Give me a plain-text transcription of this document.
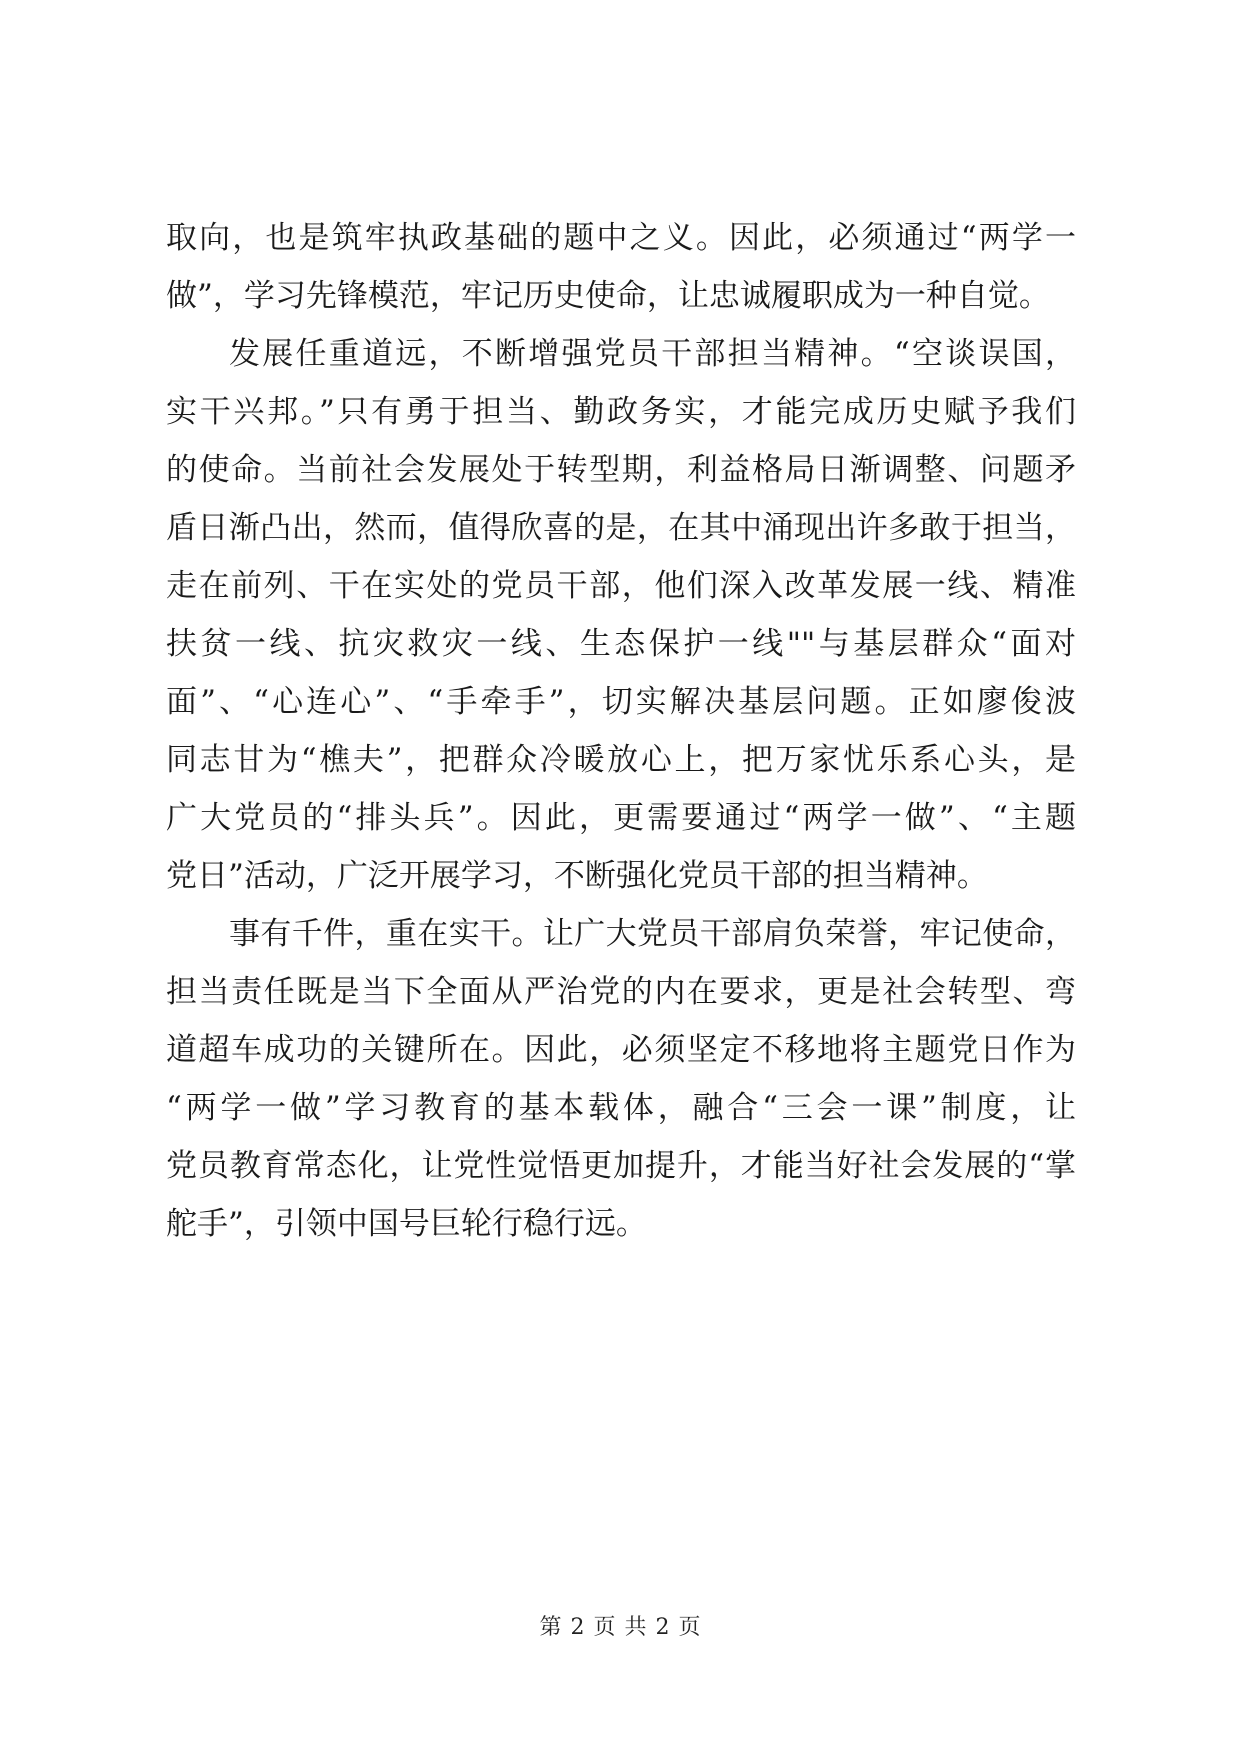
取向，也是筑牢执政基础的题中之义。因此，必须通过“两学一
做”，学习先锋模范，牢记历史使命，让忠诚履职成为一种自觉。
发展任重道远，不断增强党员干部担当精神。“空谈误国，
实干兴邦。”只有勇于担当、勤政务实，才能完成历史赋予我们
的使命。当前社会发展处于转型期，利益格局日渐调整、问题矛
盾日渐凸出，然而，值得欣喜的是，在其中涌现出许多敢于担当，
走在前列、干在实处的党员干部，他们深入改革发展一线、精准
扶贫一线、抗灾救灾一线、生态保护一线""与基层群众“面对
面”、“心连心”、“手牵手”，切实解决基层问题。正如廖俊波
同志甘为“樵夫”，把群众冷暖放心上，把万家忧乐系心头，是
广大党员的“排头兵”。因此，更需要通过“两学一做”、“主题
党日”活动，广泛开展学习，不断强化党员干部的担当精神。
事有千件，重在实干。让广大党员干部肩负荣誉，牢记使命，
担当责任既是当下全面从严治党的内在要求，更是社会转型、弯
道超车成功的关键所在。因此，必须坚定不移地将主题党日作为
“两学一做”学习教育的基本载体，融合“三会一课”制度，让
党员教育常态化，让党性觉悟更加提升，才能当好社会发展的“掌
舵手”，引领中国号巨轮行稳行远。
第 2 页 共 2 页
